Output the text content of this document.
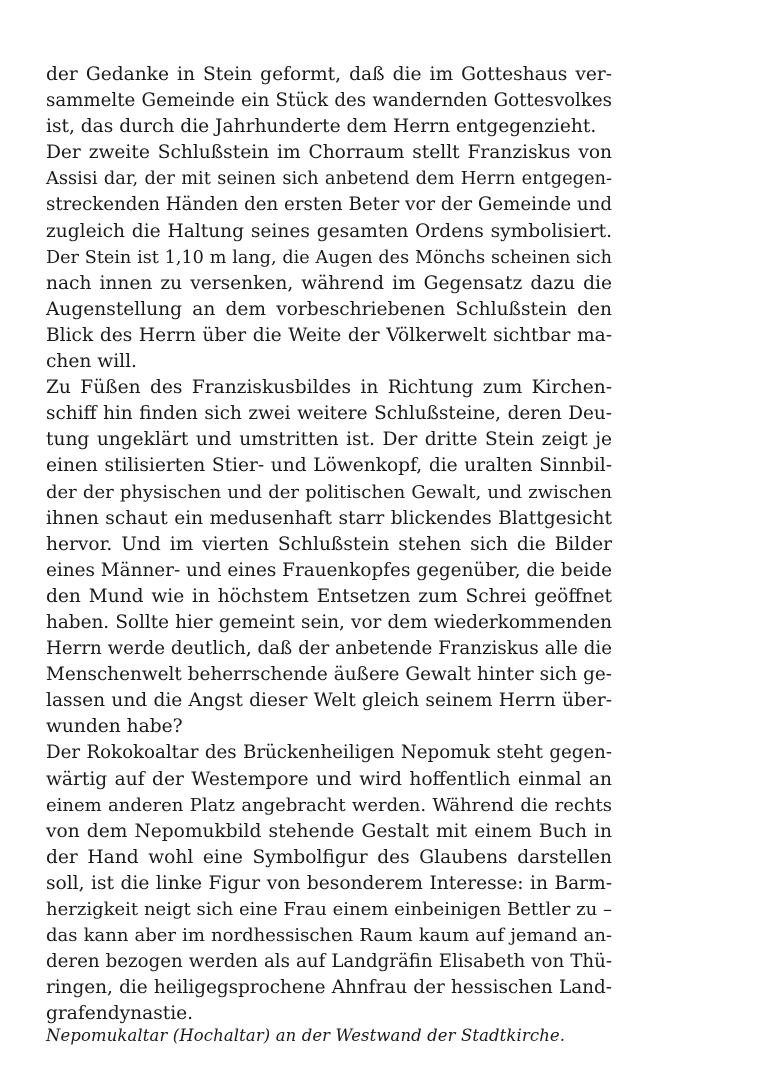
der Gedanke in Stein geformt, daß die im Gotteshaus ver-
sammelte Gemeinde ein Stück des wandernden Gottesvolkes
ist, das durch die Jahrhunderte dem Herrn entgegenzieht.
Der zweite Schlußstein im Chorraum stellt Franziskus von
Assisi dar, der mit seinen sich anbetend dem Herrn entgegen-
streckenden Händen den ersten Beter vor der Gemeinde und
zugleich die Haltung seines gesamten Ordens symbolisiert.
Der Stein ist 1,10 m lang, die Augen des Mönchs scheinen sich
nach innen zu versenken, während im Gegensatz dazu die
Augenstellung an dem vorbeschriebenen Schlußstein den
Blick des Herrn über die Weite der Völkerwelt sichtbar ma-
chen will.
Zu Füßen des Franziskusbildes in Richtung zum Kirchen-
schiff hin finden sich zwei weitere Schlußsteine, deren Deu-
tung ungeklärt und umstritten ist. Der dritte Stein zeigt je
einen stilisierten Stier- und Löwenkopf, die uralten Sinnbil-
der der physischen und der politischen Gewalt, und zwischen
ihnen schaut ein medusenhaft starr blickendes Blattgesicht
hervor. Und im vierten Schlußstein stehen sich die Bilder
eines Männer- und eines Frauenkopfes gegenüber, die beide
den Mund wie in höchstem Entsetzen zum Schrei geöffnet
haben. Sollte hier gemeint sein, vor dem wiederkommenden
Herrn werde deutlich, daß der anbetende Franziskus alle die
Menschenwelt beherrschende äußere Gewalt hinter sich ge-
lassen und die Angst dieser Welt gleich seinem Herrn über-
wunden habe?
Der Rokokoaltar des Brückenheiligen Nepomuk steht gegen-
wärtig auf der Westempore und wird hoffentlich einmal an
einem anderen Platz angebracht werden. Während die rechts
von dem Nepomukbild stehende Gestalt mit einem Buch in
der Hand wohl eine Symbolfigur des Glaubens darstellen
soll, ist die linke Figur von besonderem Interesse: in Barm-
herzigkeit neigt sich eine Frau einem einbeinigen Bettler zu –
das kann aber im nordhessischen Raum kaum auf jemand an-
deren bezogen werden als auf Landgräfin Elisabeth von Thü-
ringen, die heiligegsprochene Ahnfrau der hessischen Land-
grafendynastie.
Nepomukaltar (Hochaltar) an der Westwand der Stadtkirche.
